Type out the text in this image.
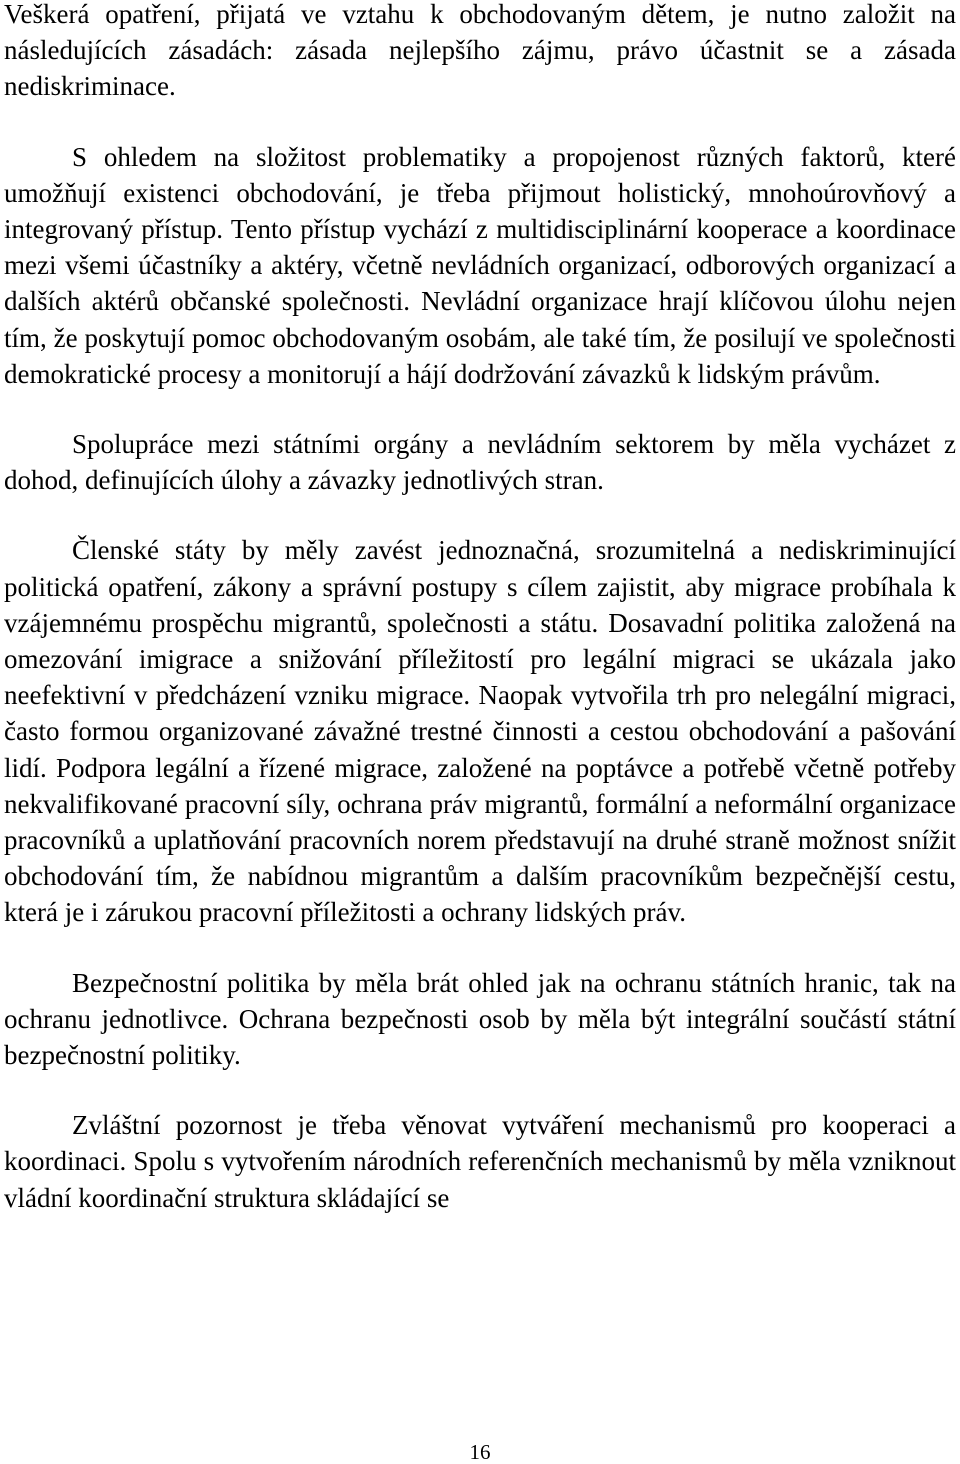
Veškerá opatření, přijatá ve vztahu k obchodovaným dětem, je nutno založit na následujících zásadách: zásada nejlepšího zájmu, právo účastnit se a zásada nediskriminace.

S ohledem na složitost problematiky a propojenost různých faktorů, které umožňují existenci obchodování, je třeba přijmout holistický, mnohoúrovňový a integrovaný přístup. Tento přístup vychází z multidisciplinární kooperace a koordinace mezi všemi účastníky a aktéry, včetně nevládních organizací, odborových organizací a dalších aktérů občanské společnosti. Nevládní organizace hrají klíčovou úlohu nejen tím, že poskytují pomoc obchodovaným osobám, ale také tím, že posilují ve společnosti demokratické procesy a monitorují a hájí dodržování závazků k lidským právům.

Spolupráce mezi státními orgány a nevládním sektorem by měla vycházet z dohod, definujících úlohy a závazky jednotlivých stran.

Členské státy by měly zavést jednoznačná, srozumitelná a nediskriminující politická opatření, zákony a správní postupy s cílem zajistit, aby migrace probíhala k vzájemnému prospěchu migrantů, společnosti a státu. Dosavadní politika založená na omezování imigrace a snižování příležitostí pro legální migraci se ukázala jako neefektivní v předcházení vzniku migrace. Naopak vytvořila trh pro nelegální migraci, často formou organizované závažné trestné činnosti a cestou obchodování a pašování lidí. Podpora legální a řízené migrace, založené na poptávce a potřebě včetně potřeby nekvalifikované pracovní síly, ochrana práv migrantů, formální a neformální organizace pracovníků a uplatňování pracovních norem představují na druhé straně možnost snížit obchodování tím, že nabídnou migrantům a dalším pracovníkům bezpečnější cestu, která je i zárukou pracovní příležitosti a ochrany lidských práv.

Bezpečnostní politika by měla brát ohled jak na ochranu státních hranic, tak na ochranu jednotlivce. Ochrana bezpečnosti osob by měla být integrální součástí státní bezpečnostní politiky.

Zvláštní pozornost je třeba věnovat vytváření mechanismů pro kooperaci a koordinaci. Spolu s vytvořením národních referenčních mechanismů by měla vzniknout vládní koordinační struktura skládající se

16
